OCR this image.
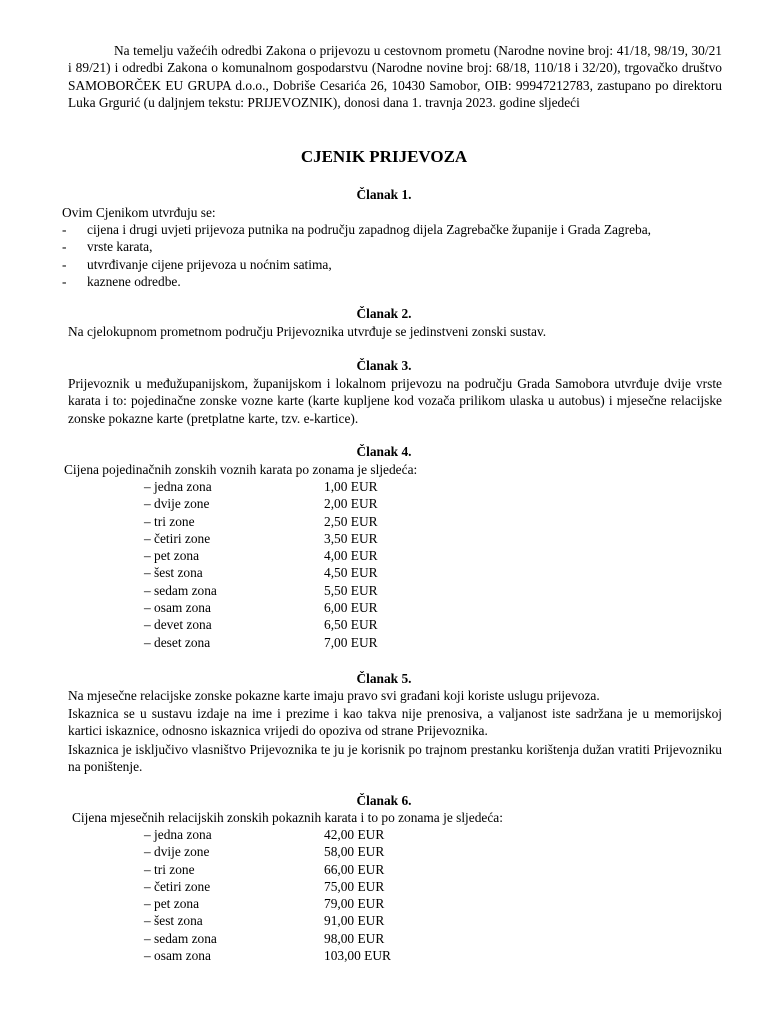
Na temelju važećih odredbi Zakona o prijevozu u cestovnom prometu (Narodne novine broj: 41/18, 98/19, 30/21 i 89/21) i odredbi Zakona o komunalnom gospodarstvu (Narodne novine broj: 68/18, 110/18 i 32/20), trgovačko društvo SAMOBORČEK EU GRUPA d.o.o., Dobriše Cesarića 26, 10430 Samobor, OIB: 99947212783, zastupano po direktoru Luka Grgurić (u daljnjem tekstu: PRIJEVOZNIK), donosi dana 1. travnja 2023. godine sljedeći
CJENIK PRIJEVOZA
Članak 1.
Ovim Cjenikom utvrđuju se:
- cijena i drugi uvjeti prijevoza putnika na području zapadnog dijela Zagrebačke županije i Grada Zagreba,
- vrste karata,
- utvrđivanje cijene prijevoza u noćnim satima,
- kaznene odredbe.
Članak 2.
Na cjelokupnom prometnom području Prijevoznika utvrđuje se jedinstveni zonski sustav.
Članak 3.
Prijevoznik u međužupanijskom, županijskom i lokalnom prijevozu na području Grada Samobora utvrđuje dvije vrste karata i to: pojedinačne zonske vozne karte (karte kupljene kod vozača prilikom ulaska u autobus) i mjesečne relacijske zonske pokazne karte (pretplatne karte, tzv. e-kartice).
Članak 4.
Cijena pojedinačnih zonskih voznih karata po zonama je sljedeća:
– jedna zona	1,00 EUR
– dvije zone	2,00 EUR
– tri zone	2,50 EUR
– četiri zone	3,50 EUR
– pet zona	4,00 EUR
– šest zona	4,50 EUR
– sedam zona	5,50 EUR
– osam zona	6,00 EUR
– devet zona	6,50 EUR
– deset zona	7,00 EUR
Članak 5.
Na mjesečne relacijske zonske pokazne karte imaju pravo svi građani koji koriste uslugu prijevoza.
Iskaznica se u sustavu izdaje na ime i prezime i kao takva nije prenosiva, a valjanost iste sadržana je u memorijskoj kartici iskaznice, odnosno iskaznica vrijedi do opoziva od strane Prijevoznika.
Iskaznica je isključivo vlasništvo Prijevoznika te ju je korisnik po trajnom prestanku korištenja dužan vratiti Prijevozniku na poništenje.
Članak 6.
Cijena mjesečnih relacijskih zonskih pokaznih karata i to po zonama je sljedeća:
– jedna zona	42,00 EUR
– dvije zone	58,00 EUR
– tri zone	66,00 EUR
– četiri zone	75,00 EUR
– pet zona	79,00 EUR
– šest zona	91,00 EUR
– sedam zona	98,00 EUR
– osam zona	103,00 EUR
